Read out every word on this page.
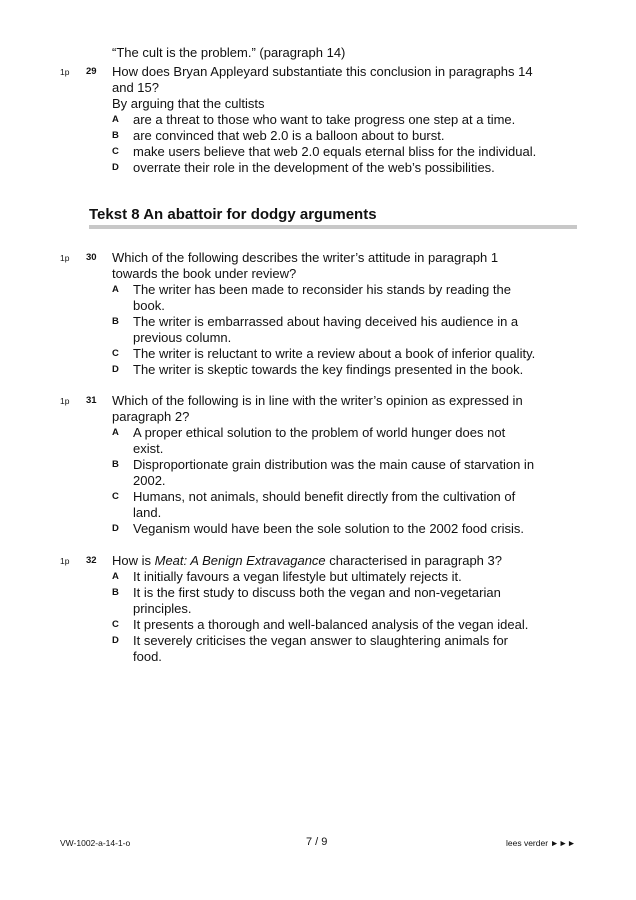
“The cult is the problem.” (paragraph 14)
1p 29 How does Bryan Appleyard substantiate this conclusion in paragraphs 14
and 15?
By arguing that the cultists
A are a threat to those who want to take progress one step at a time.
B are convinced that web 2.0 is a balloon about to burst.
C make users believe that web 2.0 equals eternal bliss for the individual.
D overrate their role in the development of the web’s possibilities.
Tekst 8 An abattoir for dodgy arguments
1p 30 Which of the following describes the writer’s attitude in paragraph 1
towards the book under review?
A The writer has been made to reconsider his stands by reading the
book.
B The writer is embarrassed about having deceived his audience in a
previous column.
C The writer is reluctant to write a review about a book of inferior quality.
D The writer is skeptic towards the key findings presented in the book.
1p 31 Which of the following is in line with the writer’s opinion as expressed in
paragraph 2?
A A proper ethical solution to the problem of world hunger does not
exist.
B Disproportionate grain distribution was the main cause of starvation in
2002.
C Humans, not animals, should benefit directly from the cultivation of
land.
D Veganism would have been the sole solution to the 2002 food crisis.
1p 32 How is Meat: A Benign Extravagance characterised in paragraph 3?
A It initially favours a vegan lifestyle but ultimately rejects it.
B It is the first study to discuss both the vegan and non-vegetarian
principles.
C It presents a thorough and well-balanced analysis of the vegan ideal.
D It severely criticises the vegan answer to slaughtering animals for
food.
VW-1002-a-14-1-o	7 / 9	lees verder ►►►
